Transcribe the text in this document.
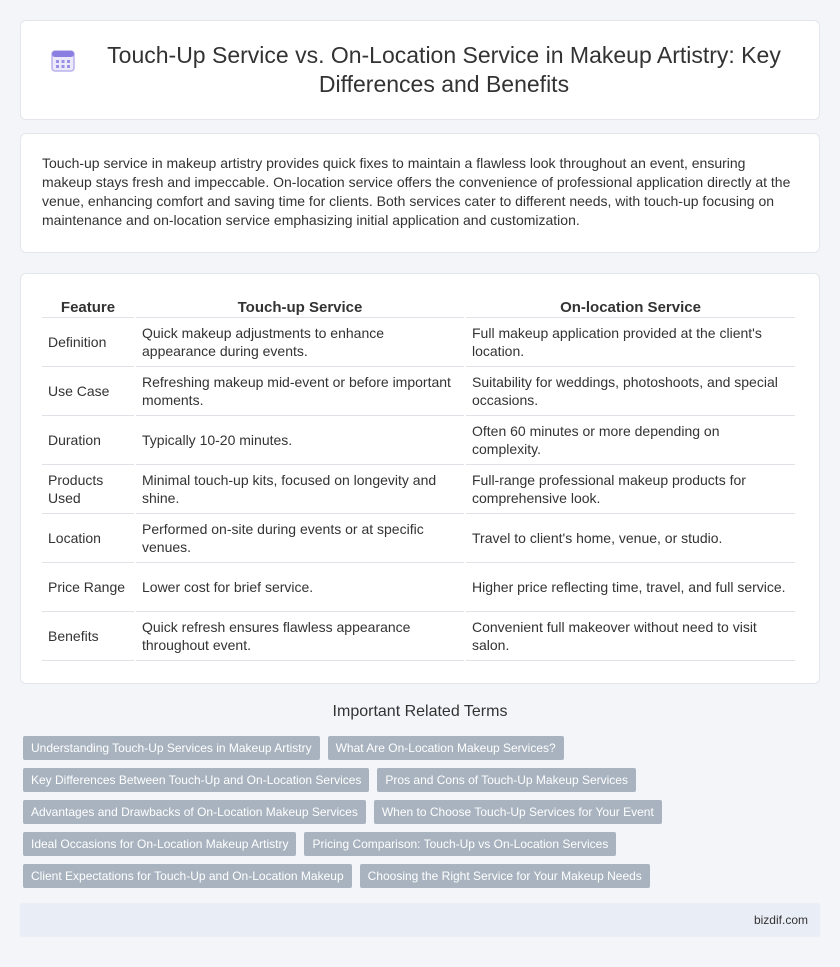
Touch-Up Service vs. On-Location Service in Makeup Artistry: Key Differences and Benefits

Touch-up service in makeup artistry provides quick fixes to maintain a flawless look throughout an event, ensuring makeup stays fresh and impeccable. On-location service offers the convenience of professional application directly at the venue, enhancing comfort and saving time for clients. Both services cater to different needs, with touch-up focusing on maintenance and on-location service emphasizing initial application and customization.

Feature	Touch-up Service	On-location Service
Definition	Quick makeup adjustments to enhance appearance during events.	Full makeup application provided at the client's location.
Use Case	Refreshing makeup mid-event or before important moments.	Suitability for weddings, photoshoots, and special occasions.
Duration	Typically 10-20 minutes.	Often 60 minutes or more depending on complexity.
Products Used	Minimal touch-up kits, focused on longevity and shine.	Full-range professional makeup products for comprehensive look.
Location	Performed on-site during events or at specific venues.	Travel to client's home, venue, or studio.
Price Range	Lower cost for brief service.	Higher price reflecting time, travel, and full service.
Benefits	Quick refresh ensures flawless appearance throughout event.	Convenient full makeover without need to visit salon.
Important Related Terms
Understanding Touch-Up Services in Makeup Artistry	What Are On-Location Makeup Services?
Key Differences Between Touch-Up and On-Location Services	Pros and Cons of Touch-Up Makeup Services
Advantages and Drawbacks of On-Location Makeup Services	When to Choose Touch-Up Services for Your Event
Ideal Occasions for On-Location Makeup Artistry	Pricing Comparison: Touch-Up vs On-Location Services
Client Expectations for Touch-Up and On-Location Makeup	Choosing the Right Service for Your Makeup Needs
bizdif.com
